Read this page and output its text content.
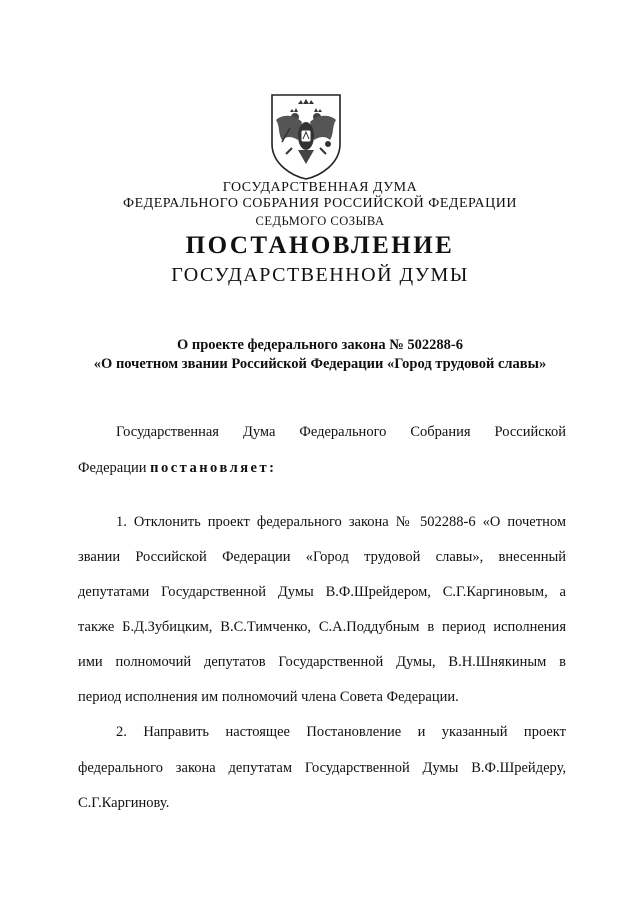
ГОСУДАРСТВЕННАЯ ДУМА
ФЕДЕРАЛЬНОГО СОБРАНИЯ РОССИЙСКОЙ ФЕДЕРАЦИИ
СЕДЬМОГО СОЗЫВА
ПОСТАНОВЛЕНИЕ
ГОСУДАРСТВЕННОЙ ДУМЫ
О проекте федерального закона № 502288-6
«О почетном звании Российской Федерации «Город трудовой славы»
Государственная Дума Федерального Собрания Российской
Федерации постановляет:
1. Отклонить проект федерального закона № 502288-6 «О почетном
звании Российской Федерации «Город трудовой славы», внесенный
депутатами Государственной Думы В.Ф.Шрейдером, С.Г.Каргиновым, а
также Б.Д.Зубицким, В.С.Тимченко, С.А.Поддубным в период исполнения
ими полномочий депутатов Государственной Думы, В.Н.Шнякиным в
период исполнения им полномочий члена Совета Федерации.
2. Направить настоящее Постановление и указанный проект
федерального закона депутатам Государственной Думы В.Ф.Шрейдеру,
С.Г.Каргинову.
